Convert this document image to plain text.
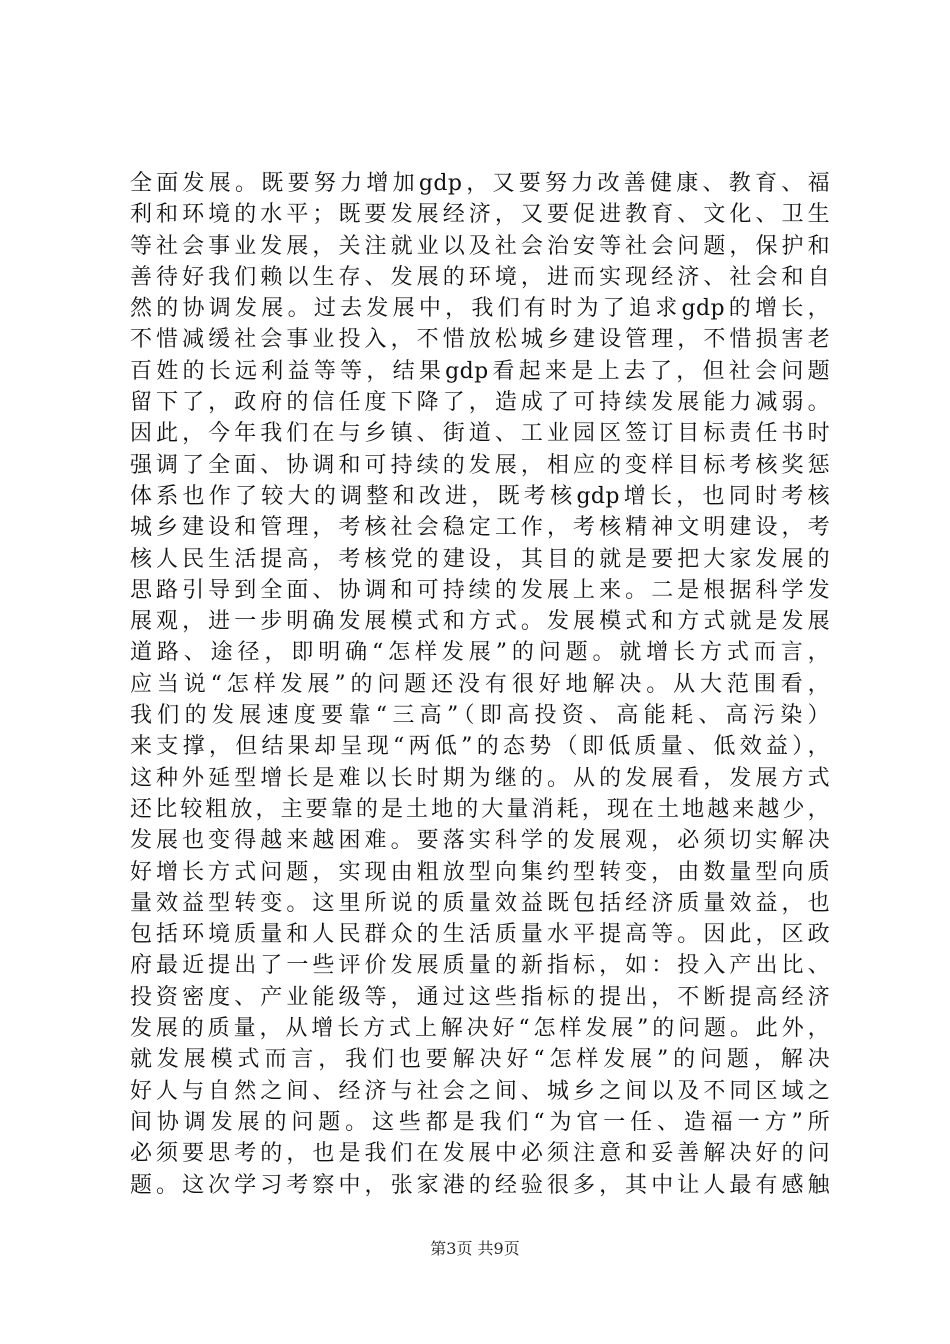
全面发展。既要努力增加gdp，又要努力改善健康、教育、福
利和环境的水平；既要发展经济，又要促进教育、文化、卫生
等社会事业发展，关注就业以及社会治安等社会问题，保护和
善待好我们赖以生存、发展的环境，进而实现经济、社会和自
然的协调发展。过去发展中，我们有时为了追求gdp的增长，
不惜减缓社会事业投入，不惜放松城乡建设管理，不惜损害老
百姓的长远利益等等，结果gdp看起来是上去了，但社会问题
留下了，政府的信任度下降了，造成了可持续发展能力减弱。
因此，今年我们在与乡镇、街道、工业园区签订目标责任书时
强调了全面、协调和可持续的发展，相应的变样目标考核奖惩
体系也作了较大的调整和改进，既考核gdp增长，也同时考核
城乡建设和管理，考核社会稳定工作，考核精神文明建设，考
核人民生活提高，考核党的建设，其目的就是要把大家发展的
思路引导到全面、协调和可持续的发展上来。二是根据科学发
展观，进一步明确发展模式和方式。发展模式和方式就是发展
道路、途径，即明确“怎样发展”的问题。就增长方式而言，
应当说“怎样发展”的问题还没有很好地解决。从大范围看，
我们的发展速度要靠“三高”（即高投资、高能耗、高污染）
来支撑，但结果却呈现“两低”的态势（即低质量、低效益），
这种外延型增长是难以长时期为继的。从的发展看，发展方式
还比较粗放，主要靠的是土地的大量消耗，现在土地越来越少，
发展也变得越来越困难。要落实科学的发展观，必须切实解决
好增长方式问题，实现由粗放型向集约型转变，由数量型向质
量效益型转变。这里所说的质量效益既包括经济质量效益，也
包括环境质量和人民群众的生活质量水平提高等。因此，区政
府最近提出了一些评价发展质量的新指标，如：投入产出比、
投资密度、产业能级等，通过这些指标的提出，不断提高经济
发展的质量，从增长方式上解决好“怎样发展”的问题。此外，
就发展模式而言，我们也要解决好“怎样发展”的问题，解决
好人与自然之间、经济与社会之间、城乡之间以及不同区域之
间协调发展的问题。这些都是我们“为官一任、造福一方”所
必须要思考的，也是我们在发展中必须注意和妥善解决好的问
题。这次学习考察中，张家港的经验很多，其中让人最有感触
第3页 共9页
